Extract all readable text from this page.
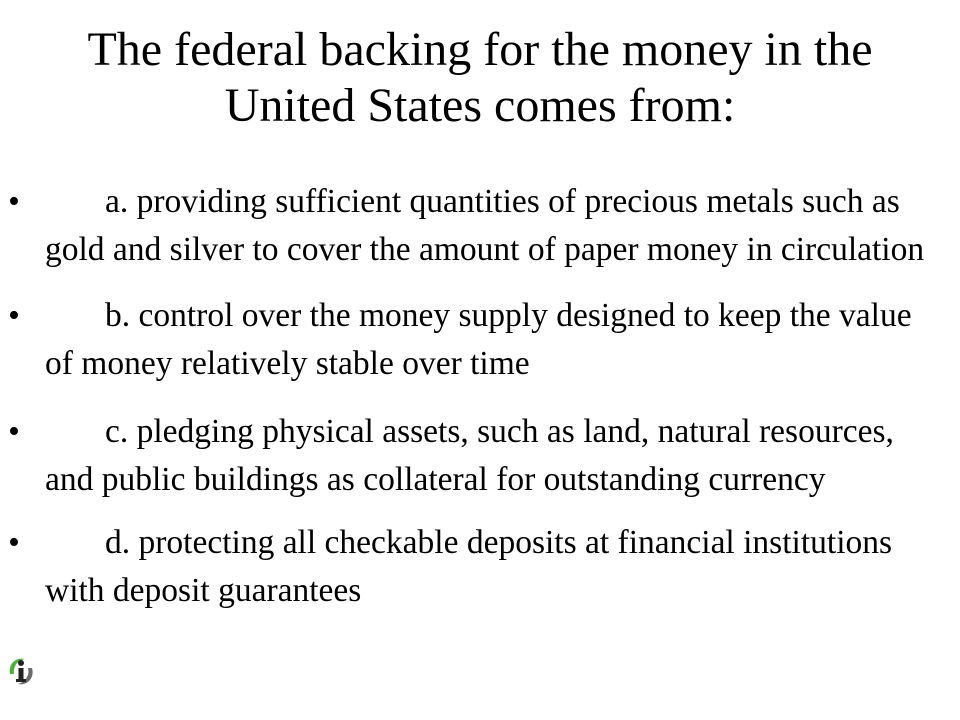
The federal backing for the money in the United States comes from:
•	a. providing sufficient quantities of precious metals such as gold and silver to cover the amount of paper money in circulation
•	b. control over the money supply designed to keep the value of money relatively stable over time
•	c. pledging physical assets, such as land, natural resources, and public buildings as collateral for outstanding currency
•	d. protecting all checkable deposits at financial institutions with deposit guarantees
